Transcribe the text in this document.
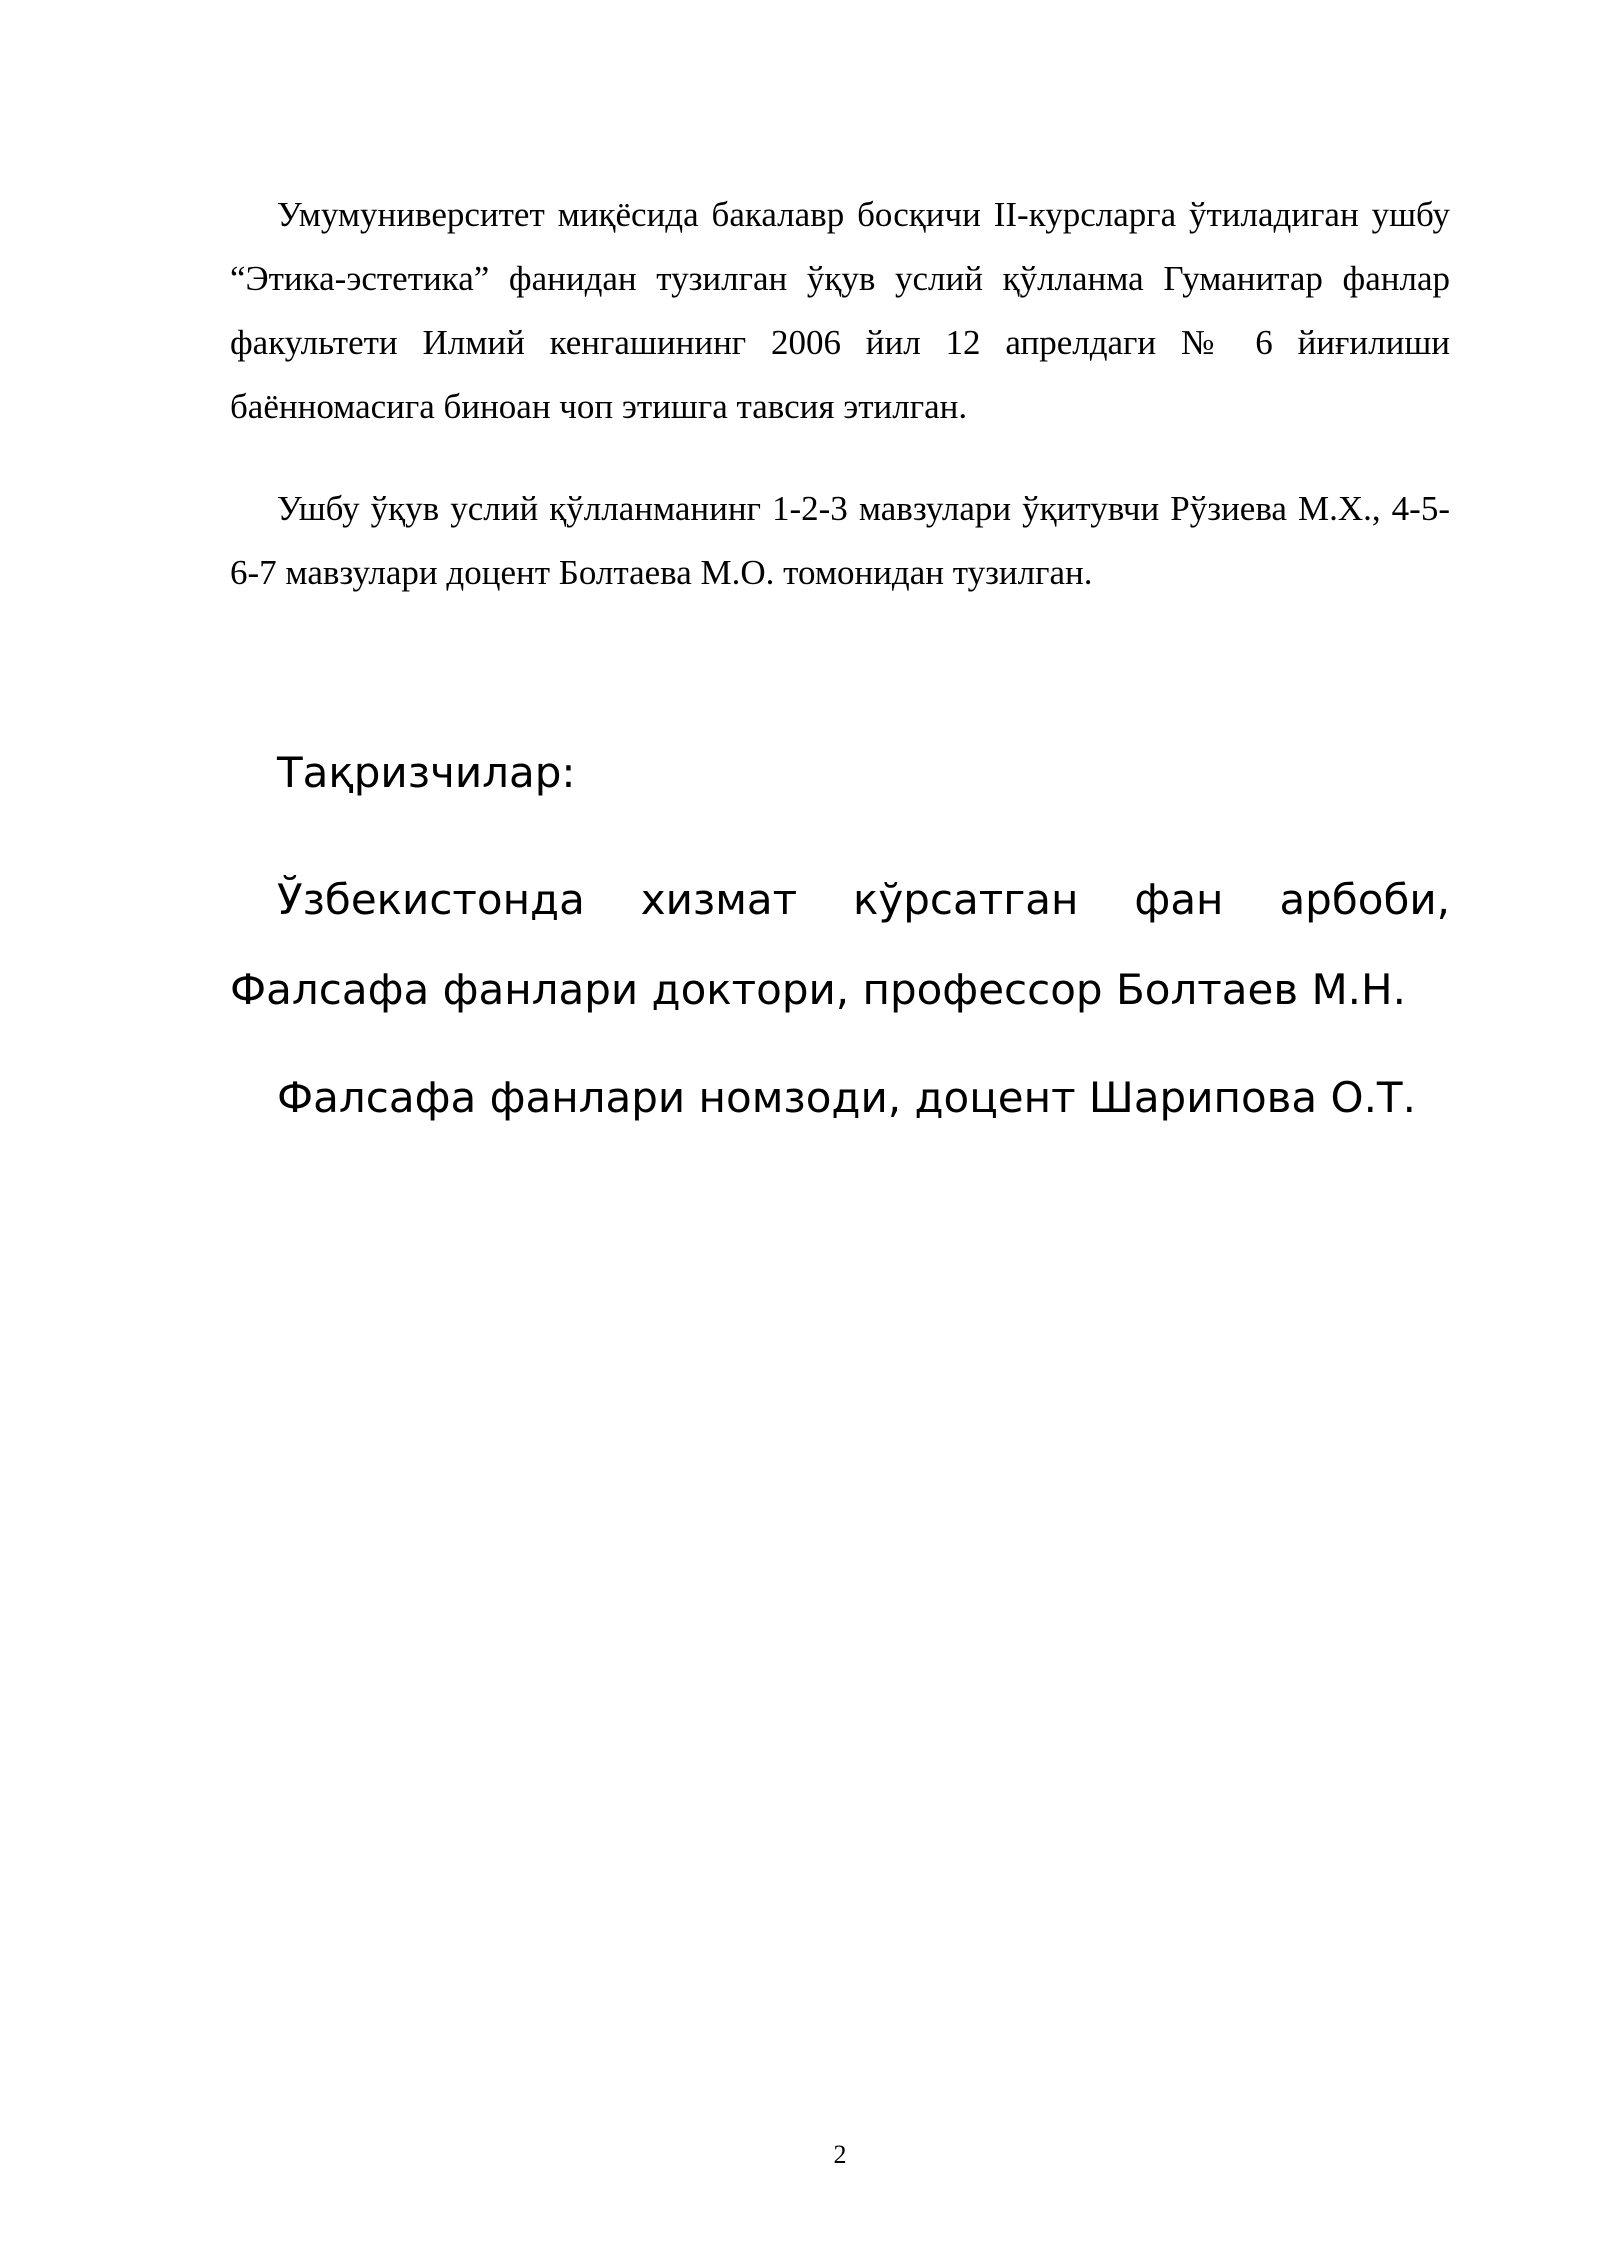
Умумуниверситет миқёсида бакалавр босқичи II-курсларга ўтиладиган ушбу “Этика-эстетика” фанидан тузилган ўқув услий қўлланма Гуманитар фанлар факультети Илмий кенгашининг 2006 йил 12 апрелдаги № 6 йиғилиши баённомасига биноан чоп этишга тавсия этилган.

Ушбу ўқув услий қўлланманинг 1-2-3 мавзулари ўқитувчи Рўзиева М.Х., 4-5-6-7 мавзулари доцент Болтаева М.О. томонидан тузилган.

Тақризчилар:

Ўзбекистонда хизмат кўрсатган фан арбоби, Фалсафа фанлари доктори, профессор Болтаев М.Н.

Фалсафа фанлари номзоди, доцент Шарипова О.Т.

2
